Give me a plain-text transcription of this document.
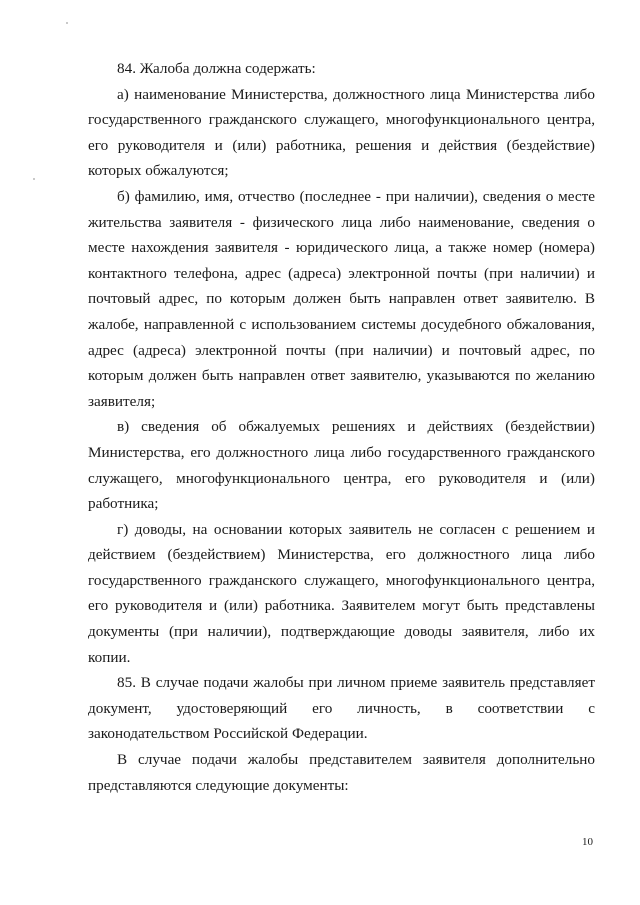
84. Жалоба должна содержать:
а) наименование Министерства, должностного лица Министерства либо
государственного гражданского служащего, многофункционального центра,
его руководителя и (или) работника, решения и действия (бездействие)
которых обжалуются;
б) фамилию, имя, отчество (последнее - при наличии), сведения о месте
жительства заявителя - физического лица либо наименование, сведения о
месте нахождения заявителя - юридического лица, а также номер (номера)
контактного телефона, адрес (адреса) электронной почты (при наличии) и
почтовый адрес, по которым должен быть направлен ответ заявителю. В
жалобе, направленной с использованием системы досудебного обжалования,
адрес (адреса) электронной почты (при наличии) и почтовый адрес, по
которым должен быть направлен ответ заявителю, указываются по желанию
заявителя;
в) сведения об обжалуемых решениях и действиях (бездействии)
Министерства, его должностного лица либо государственного гражданского
служащего, многофункционального центра, его руководителя и (или)
работника;
г) доводы, на основании которых заявитель не согласен с решением и
действием (бездействием) Министерства, его должностного лица либо
государственного гражданского служащего, многофункционального центра,
его руководителя и (или) работника. Заявителем могут быть представлены
документы (при наличии), подтверждающие доводы заявителя, либо их
копии.
85. В случае подачи жалобы при личном приеме заявитель представляет
документ, удостоверяющий его личность, в соответствии с
законодательством Российской Федерации.
В случае подачи жалобы представителем заявителя дополнительно
представляются следующие документы:
10
